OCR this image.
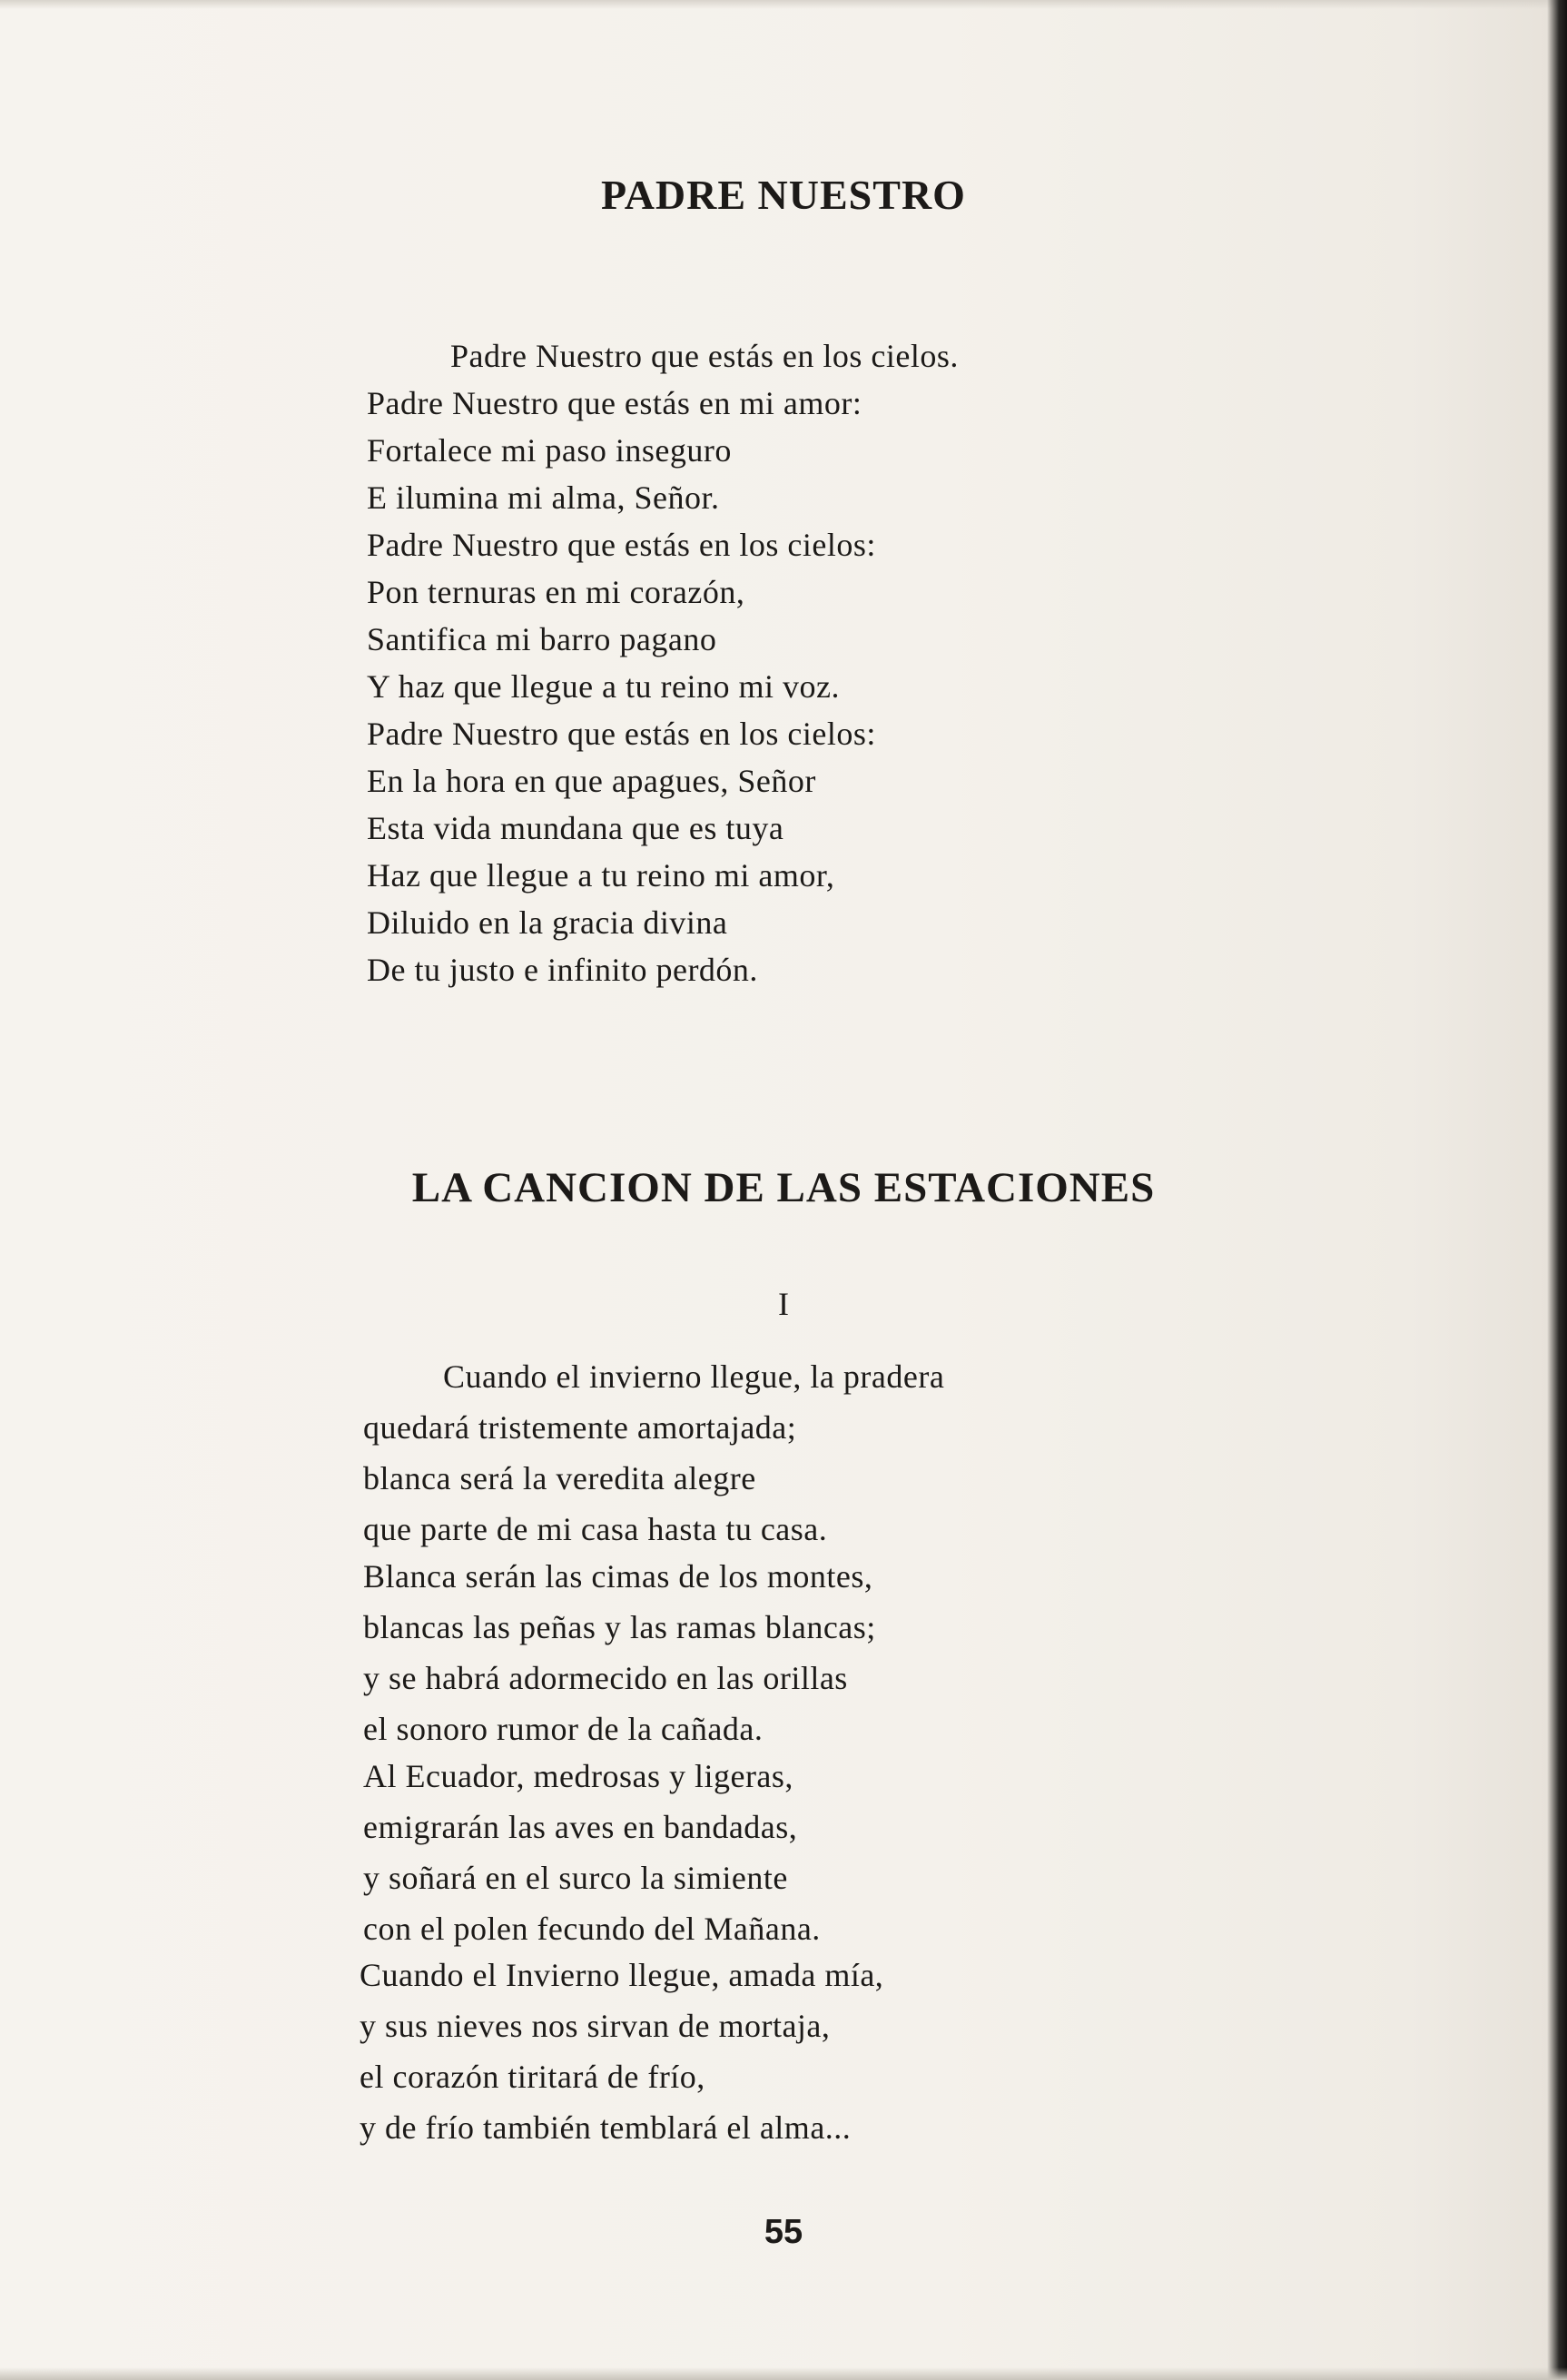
PADRE NUESTRO
Padre Nuestro que estás en los cielos.
Padre Nuestro que estás en mi amor:
Fortalece mi paso inseguro
E ilumina mi alma, Señor.
Padre Nuestro que estás en los cielos:
Pon ternuras en mi corazón,
Santifica mi barro pagano
Y haz que llegue a tu reino mi voz.
Padre Nuestro que estás en los cielos:
En la hora en que apagues, Señor
Esta vida mundana que es tuya
Haz que llegue a tu reino mi amor,
Diluido en la gracia divina
De tu justo e infinito perdón.
LA CANCION DE LAS ESTACIONES

I

Cuando el invierno llegue, la pradera
quedará tristemente amortajada;
blanca será la veredita alegre
que parte de mi casa hasta tu casa.
Blanca serán las cimas de los montes,
blancas las peñas y las ramas blancas;
y se habrá adormecido en las orillas
el sonoro rumor de la cañada.
Al Ecuador, medrosas y ligeras,
emigrarán las aves en bandadas,
y soñará en el surco la simiente
con el polen fecundo del Mañana.
Cuando el Invierno llegue, amada mía,
y sus nieves nos sirvan de mortaja,
el corazón tiritará de frío,
y de frío también temblará el alma...

55
